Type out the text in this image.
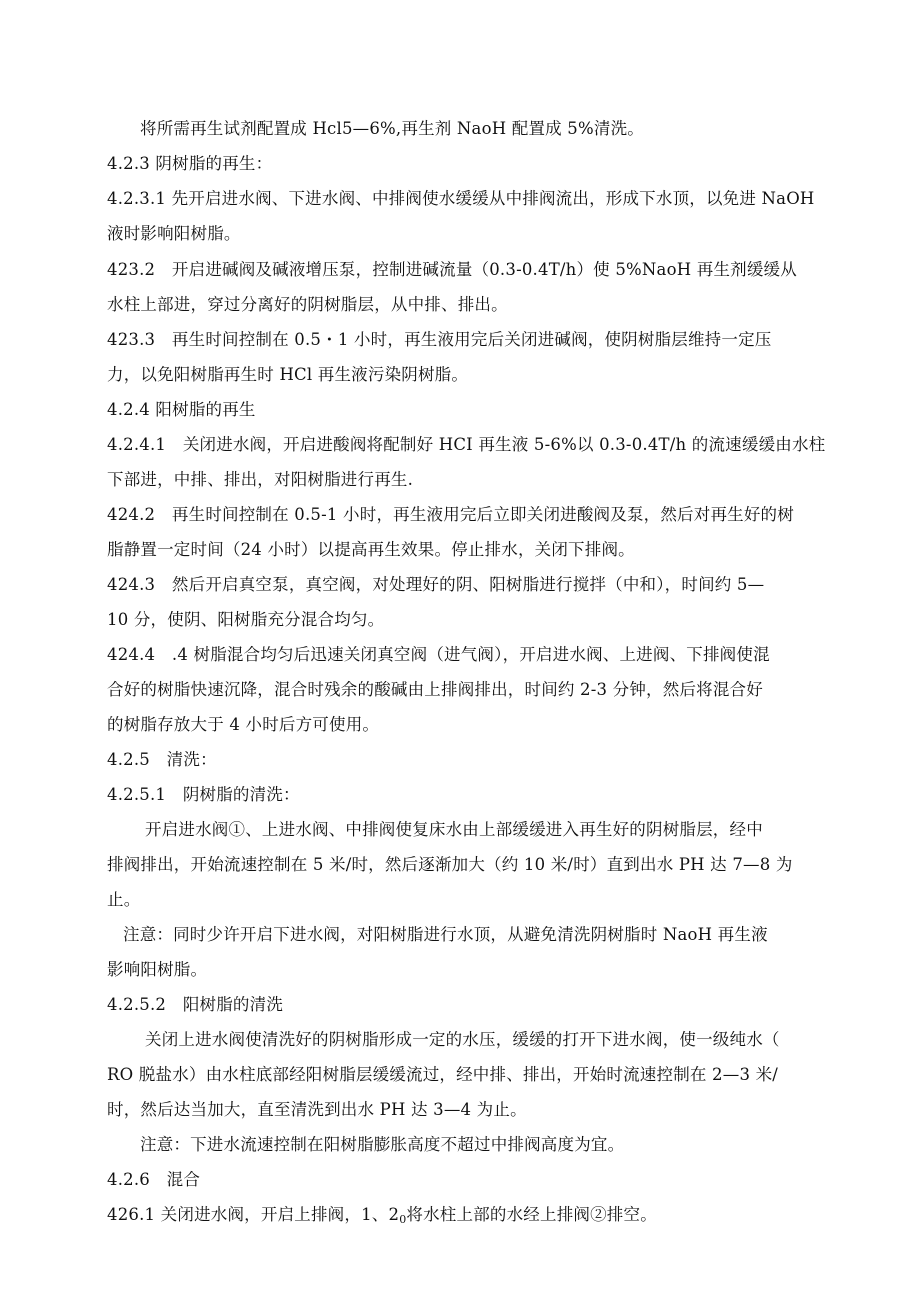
将所需再生试剂配置成 Hcl5—6%,再生剂 NaoH 配置成 5%清洗。
4.2.3 阴树脂的再生：
4.2.3.1 先开启进水阀、下进水阀、中排阀使水缓缓从中排阀流出，形成下水顶，以免进 NaOH
液时影响阳树脂。
423.2　开启进碱阀及碱液增压泵，控制进碱流量（0.3-0.4T/h）使 5%NaoH 再生剂缓缓从
水柱上部进，穿过分离好的阴树脂层，从中排、排出。
423.3　再生时间控制在 0.5・1 小时，再生液用完后关闭进碱阀，使阴树脂层维持一定压
力，以免阳树脂再生时 HCl 再生液污染阴树脂。
4.2.4 阳树脂的再生
4.2.4.1　关闭进水阀，开启进酸阀将配制好 HCI 再生液 5-6%以 0.3-0.4T/h 的流速缓缓由水柱
下部进，中排、排出，对阳树脂进行再生.
424.2　再生时间控制在 0.5-1 小时，再生液用完后立即关闭进酸阀及泵，然后对再生好的树
脂静置一定时间（24 小时）以提高再生效果。停止排水，关闭下排阀。
424.3　然后开启真空泵，真空阀，对处理好的阴、阳树脂进行搅拌（中和），时间约 5—
10 分，使阴、阳树脂充分混合均匀。
424.4　.4 树脂混合均匀后迅速关闭真空阀（进气阀），开启进水阀、上进阀、下排阀使混
合好的树脂快速沉降，混合时残余的酸碱由上排阀排出，时间约 2-3 分钟，然后将混合好
的树脂存放大于 4 小时后方可使用。
4.2.5　清洗：
4.2.5.1　阴树脂的清洗：
开启进水阀①、上进水阀、中排阀使复床水由上部缓缓进入再生好的阴树脂层，经中
排阀排出，开始流速控制在 5 米/时，然后逐渐加大（约 10 米/时）直到出水 PH 达 7—8 为
止。
注意：同时少许开启下进水阀，对阳树脂进行水顶，从避免清洗阴树脂时 NaoH 再生液
影响阳树脂。
4.2.5.2　阳树脂的清洗
关闭上进水阀使清洗好的阴树脂形成一定的水压，缓缓的打开下进水阀，使一级纯水（
RO 脱盐水）由水柱底部经阳树脂层缓缓流过，经中排、排出，开始时流速控制在 2—3 米/
时，然后达当加大，直至清洗到出水 PH 达 3—4 为止。
注意：下进水流速控制在阳树脂膨胀高度不超过中排阀高度为宜。
4.2.6　混合
426.1 关闭进水阀，开启上排阀，1、$2_0$将水柱上部的水经上排阀②排空。
